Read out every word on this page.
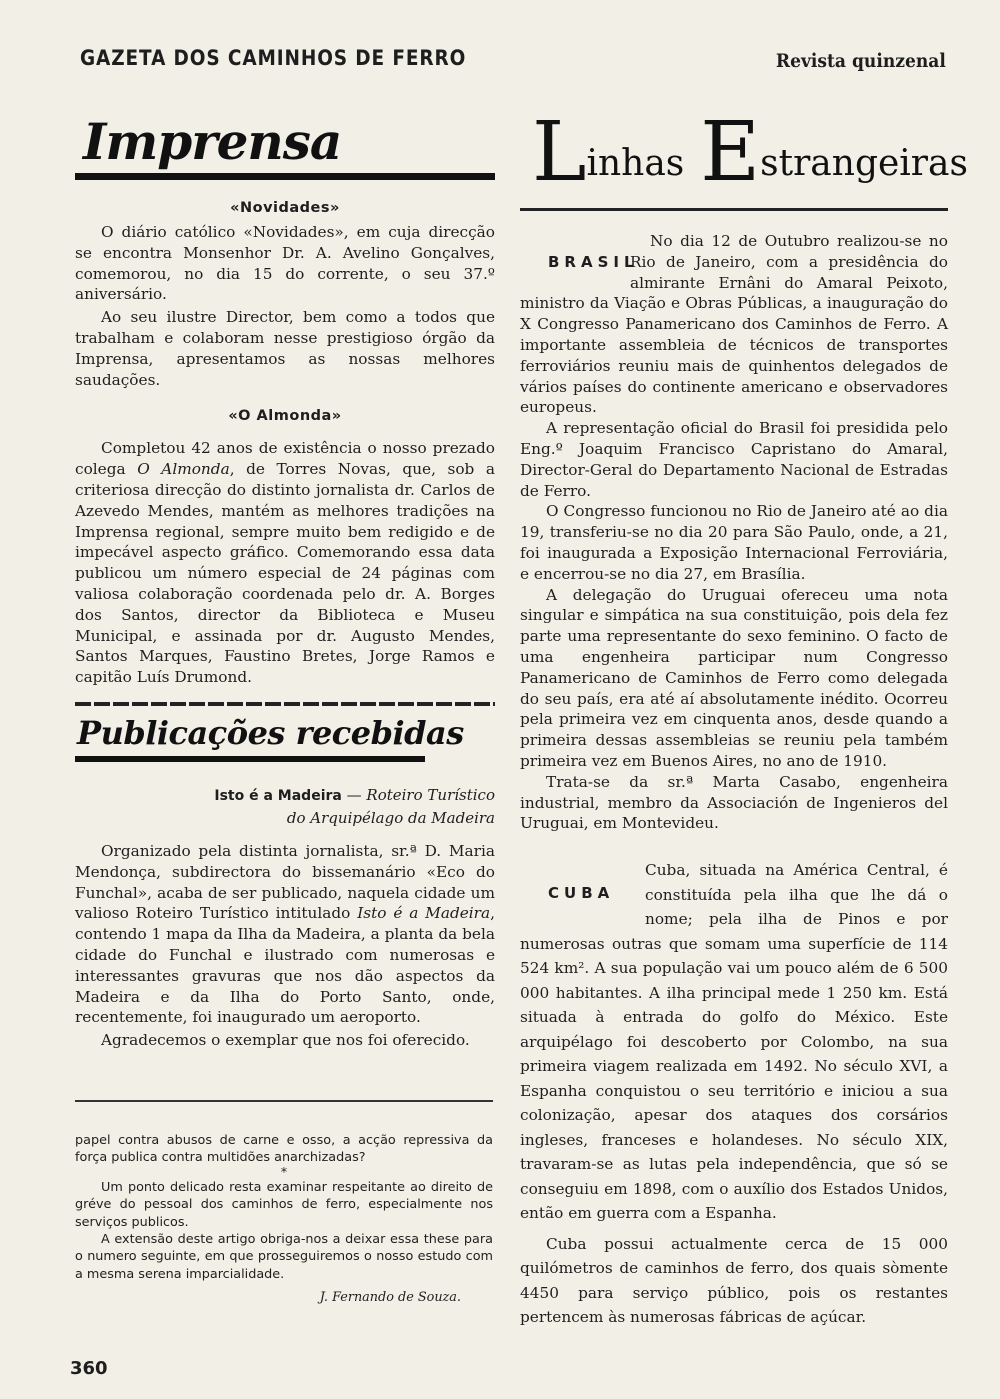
GAZETA DOS CAMINHOS DE FERRO	Revista quinzenal
Imprensa
«Novidades»

O diário católico «Novidades», em cuja direcção se encontra Monsenhor Dr. A. Avelino Gonçalves, comemorou, no dia 15 do corrente, o seu 37.º aniversário.

Ao seu ilustre Director, bem como a todos que trabalham e colaboram nesse prestigioso órgão da Imprensa, apresentamos as nossas melhores saudações.

«O Almonda»

Completou 42 anos de existência o nosso prezado colega O Almonda, de Torres Novas, que, sob a criteriosa direcção do distinto jornalista dr. Carlos de Azevedo Mendes, mantém as melhores tradições na Imprensa regional, sempre muito bem redigido e de impecável aspecto gráfico. Comemorando essa data publicou um número especial de 24 páginas com valiosa colaboração coordenada pelo dr. A. Borges dos Santos, director da Biblioteca e Museu Municipal, e assinada por dr. Augusto Mendes, Santos Marques, Faustino Bretes, Jorge Ramos e capitão Luís Drumond.

Publicações recebidas
Isto é a Madeira — Roteiro Turístico do Arquipélago da Madeira

Organizado pela distinta jornalista, sr.ª D. Maria Mendonça, subdirectora do bissemanário «Eco do Funchal», acaba de ser publicado, naquela cidade um valioso Roteiro Turístico intitulado Isto é a Madeira, contendo 1 mapa da Ilha da Madeira, a planta da bela cidade do Funchal e ilustrado com numerosas e interessantes gravuras que nos dão aspectos da Madeira e da Ilha do Porto Santo, onde, recentemente, foi inaugurado um aeroporto.

Agradecemos o exemplar que nos foi oferecido.

papel contra abusos de carne e osso, a acção repressiva da força publica contra multidões anarchizadas?

*

Um ponto delicado resta examinar respeitante ao direito de gréve do pessoal dos caminhos de ferro, especialmente nos serviços publicos.

A extensão deste artigo obriga-nos a deixar essa these para o numero seguinte, em que prosseguiremos o nosso estudo com a mesma serena imparcialidade.

J. Fernando de Souza.
360
L inhas E strangeiras
BRASIL

No dia 12 de Outubro realizou-se no Rio de Janeiro, com a presidência do almirante Ernâni do Amaral Peixoto, ministro da Viação e Obras Públicas, a inauguração do X Congresso Panamericano dos Caminhos de Ferro. A importante assembleia de técnicos de transportes ferroviários reuniu mais de quinhentos delegados de vários países do continente americano e observadores europeus.

A representação oficial do Brasil foi presidida pelo Eng.º Joaquim Francisco Capristano do Amaral, Director-Geral do Departamento Nacional de Estradas de Ferro.

O Congresso funcionou no Rio de Janeiro até ao dia 19, transferiu-se no dia 20 para São Paulo, onde, a 21, foi inaugurada a Exposição Internacional Ferroviária, e encerrou-se no dia 27, em Brasília.

A delegação do Uruguai ofereceu uma nota singular e simpática na sua constituição, pois dela fez parte uma representante do sexo feminino. O facto de uma engenheira participar num Congresso Panamericano de Caminhos de Ferro como delegada do seu país, era até aí absolutamente inédito. Ocorreu pela primeira vez em cinquenta anos, desde quando a primeira dessas assembleias se reuniu pela também primeira vez em Buenos Aires, no ano de 1910.

Trata-se da sr.ª Marta Casabo, engenheira industrial, membro da Associación de Ingenieros del Uruguai, em Montevideu.

CUBA

Cuba, situada na América Central, é constituída pela ilha que lhe dá o nome; pela ilha de Pinos e por numerosas outras que somam uma superfície de 114 524 km². A sua população vai um pouco além de 6 500 000 habitantes. A ilha principal mede 1 250 km. Está situada à entrada do golfo do México. Este arquipélago foi descoberto por Colombo, na sua primeira viagem realizada em 1492. No século XVI, a Espanha conquistou o seu território e iniciou a sua colonização, apesar dos ataques dos corsários ingleses, franceses e holandeses. No século XIX, travaram-se as lutas pela independência, que só se conseguiu em 1898, com o auxílio dos Estados Unidos, então em guerra com a Espanha.

Cuba possui actualmente cerca de 15 000 quilómetros de caminhos de ferro, dos quais sòmente 4450 para serviço público, pois os restantes pertencem às numerosas fábricas de açúcar.
